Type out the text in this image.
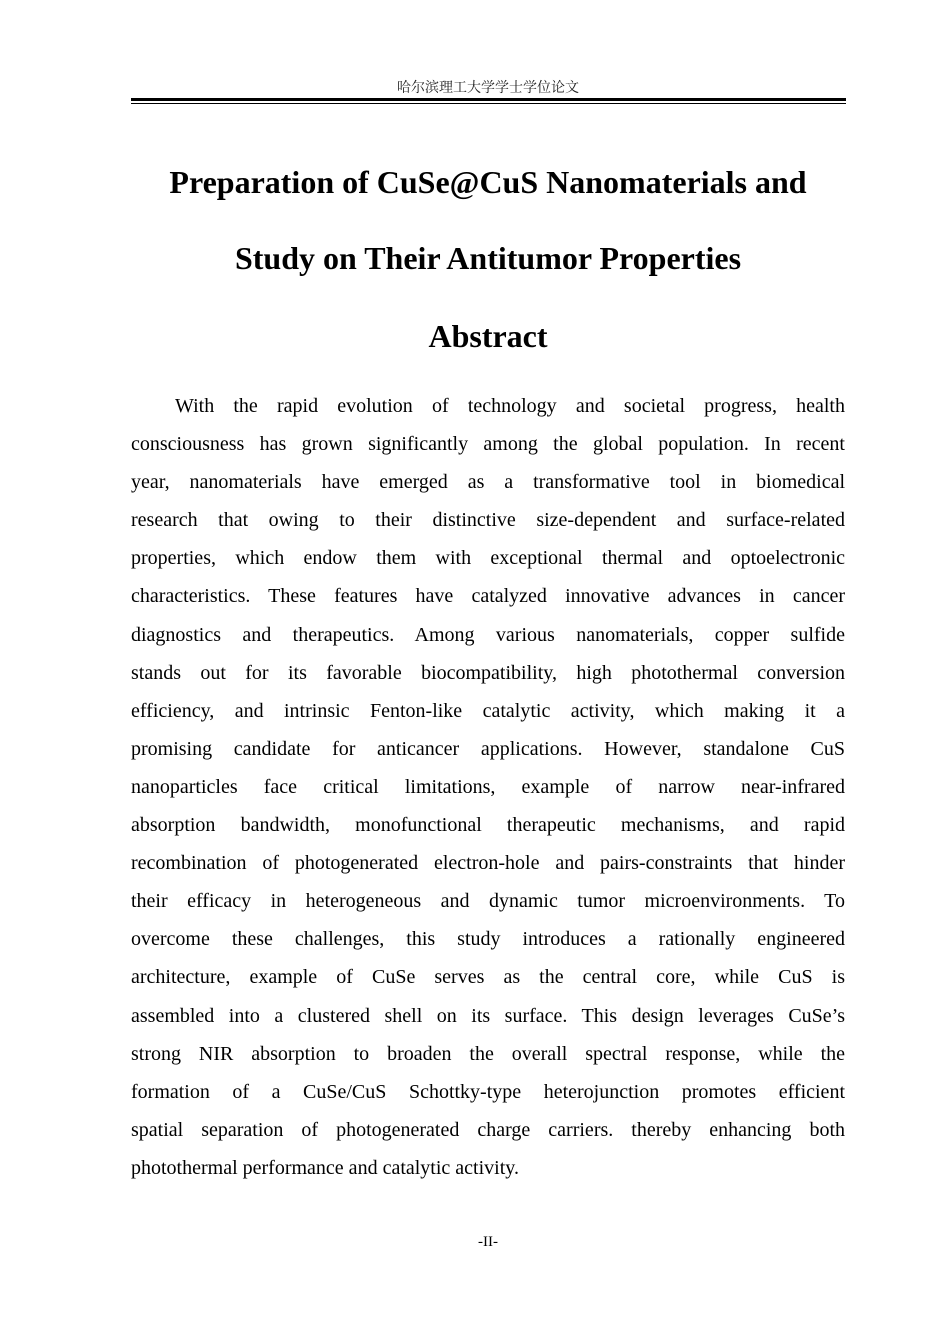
哈尔滨理工大学学士学位论文
Preparation of CuSe@CuS Nanomaterials and
Study on Their Antitumor Properties
Abstract
With the rapid evolution of technology and societal progress, health
consciousness has grown significantly among the global population. In recent
year, nanomaterials have emerged as a transformative tool in biomedical
research that owing to their distinctive size-dependent and surface-related
properties, which endow them with exceptional thermal and optoelectronic
characteristics. These features have catalyzed innovative advances in cancer
diagnostics and therapeutics. Among various nanomaterials, copper sulfide
stands out for its favorable biocompatibility, high photothermal conversion
efficiency, and intrinsic Fenton-like catalytic activity, which making it a
promising candidate for anticancer applications. However, standalone CuS
nanoparticles face critical limitations, example of narrow near-infrared
absorption bandwidth, monofunctional therapeutic mechanisms, and rapid
recombination of photogenerated electron-hole and pairs-constraints that hinder
their efficacy in heterogeneous and dynamic tumor microenvironments. To
overcome these challenges, this study introduces a rationally engineered
architecture, example of CuSe serves as the central core, while CuS is
assembled into a clustered shell on its surface. This design leverages CuSe’s
strong NIR absorption to broaden the overall spectral response, while the
formation of a CuSe/CuS Schottky-type heterojunction promotes efficient
spatial separation of photogenerated charge carriers. thereby enhancing both
photothermal performance and catalytic activity.
-II-
